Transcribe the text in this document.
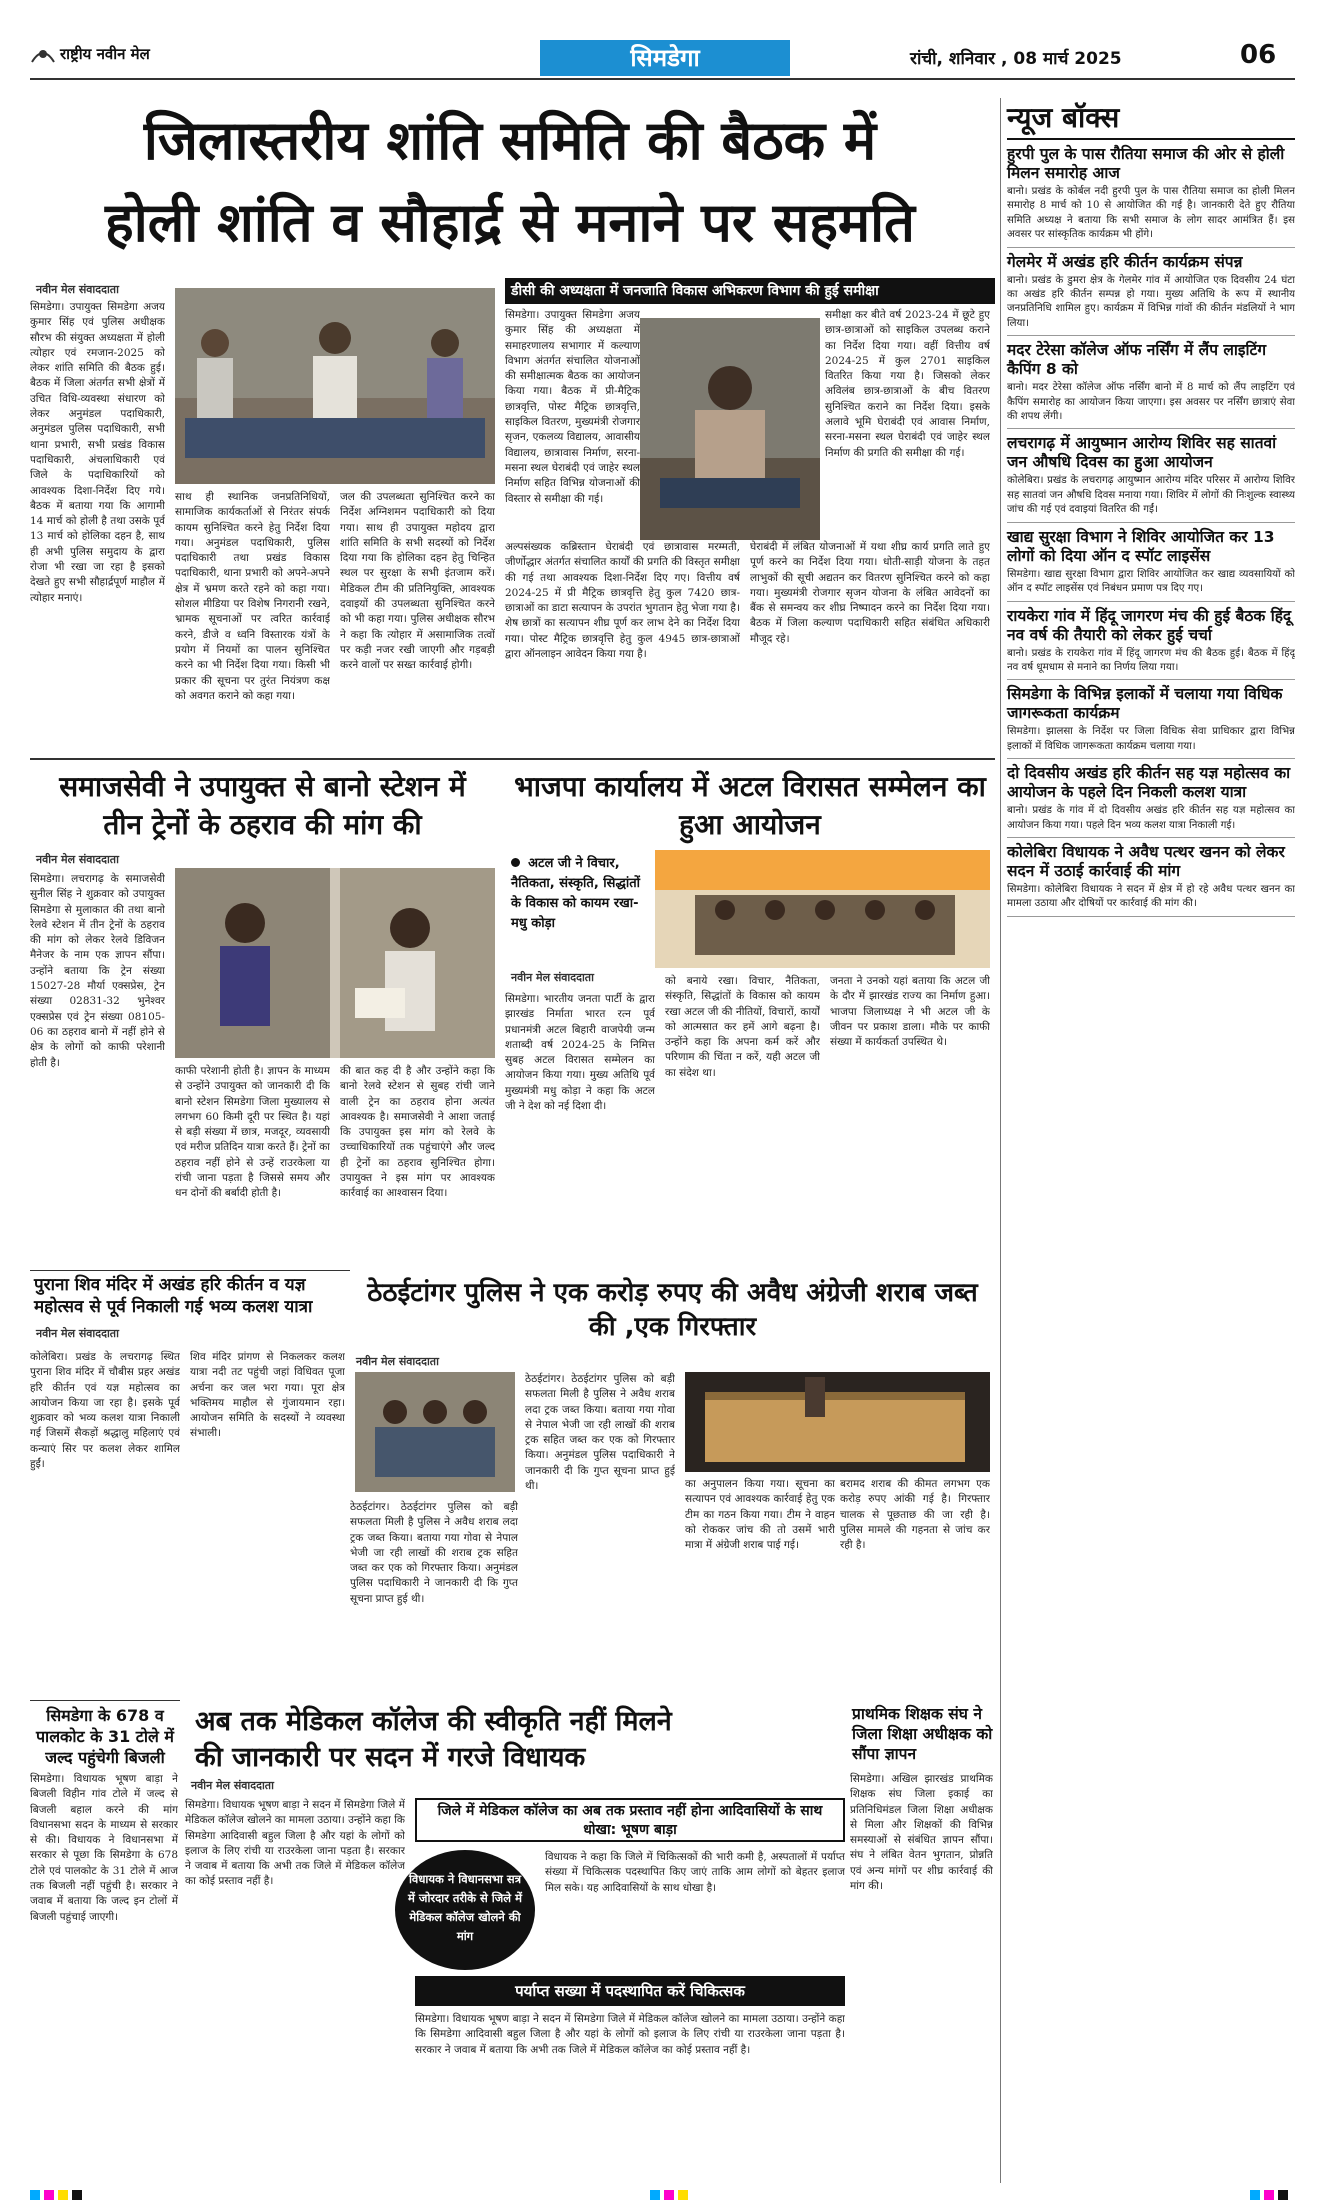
राष्ट्रीय नवीन मेल	सिमडेगा	रांची, शनिवार , 08 मार्च 2025	06
जिलास्तरीय शांति समिति की बैठक में
होली शांति व सौहार्द्र से मनाने पर सहमति
नवीन मेल संवाददाता
सिमडेगा। उपायुक्त सिमडेगा अजय कुमार सिंह एवं पुलिस अधीक्षक सौरभ की संयुक्त अध्यक्षता में होली त्योहार एवं रमजान-2025 को लेकर शांति समिति की बैठक हुई। बैठक में जिला अंतर्गत सभी क्षेत्रों में उचित विधि-व्यवस्था संधारण को लेकर अनुमंडल पदाधिकारी, अनुमंडल पुलिस पदाधिकारी, सभी थाना प्रभारी, सभी प्रखंड विकास पदाधिकारी, अंचलाधिकारी एवं जिले के पदाधिकारियों को आवश्यक दिशा-निर्देश दिए गये। बैठक में बताया गया कि आगामी 14 मार्च को होली है तथा उसके पूर्व 13 मार्च को होलिका दहन है, साथ ही अभी पुलिस समुदाय के द्वारा रोजा भी रखा जा रहा है इसको देखते हुए सभी सौहार्द्रपूर्ण माहौल में त्योहार मनाएं।
साथ ही स्थानिक जनप्रतिनिधियों, सामाजिक कार्यकर्ताओं से निरंतर संपर्क कायम सुनिश्चित करने हेतु निर्देश दिया गया। अनुमंडल पदाधिकारी, पुलिस पदाधिकारी तथा प्रखंड विकास पदाधिकारी, थाना प्रभारी को अपने-अपने क्षेत्र में भ्रमण करते रहने को कहा गया। सोशल मीडिया पर विशेष निगरानी रखने, भ्रामक सूचनाओं पर त्वरित कार्रवाई करने, डीजे व ध्वनि विस्तारक यंत्रों के प्रयोग में नियमों का पालन सुनिश्चित करने का भी निर्देश दिया गया। किसी भी प्रकार की सूचना पर तुरंत नियंत्रण कक्ष को अवगत कराने को कहा गया।
जल की उपलब्धता सुनिश्चित करने का निर्देश अग्निशमन पदाधिकारी को दिया गया। साथ ही उपायुक्त महोदय द्वारा शांति समिति के सभी सदस्यों को निर्देश दिया गया कि होलिका दहन हेतु चिन्हित स्थल पर सुरक्षा के सभी इंतजाम करें। मेडिकल टीम की प्रतिनियुक्ति, आवश्यक दवाइयों की उपलब्धता सुनिश्चित करने को भी कहा गया। पुलिस अधीक्षक सौरभ ने कहा कि त्योहार में असामाजिक तत्वों पर कड़ी नजर रखी जाएगी और गड़बड़ी करने वालों पर सख्त कार्रवाई होगी।
डीसी की अध्यक्षता में जनजाति विकास अभिकरण विभाग की हुई समीक्षा
सिमडेगा। उपायुक्त सिमडेगा अजय कुमार सिंह की अध्यक्षता में समाहरणालय सभागार में कल्याण विभाग अंतर्गत संचालित योजनाओं की समीक्षात्मक बैठक का आयोजन किया गया। बैठक में प्री-मैट्रिक छात्रवृत्ति, पोस्ट मैट्रिक छात्रवृत्ति, साइकिल वितरण, मुख्यमंत्री रोजगार सृजन, एकलव्य विद्यालय, आवासीय विद्यालय, छात्रावास निर्माण, सरना-मसना स्थल घेराबंदी एवं जाहेर स्थल निर्माण सहित विभिन्न योजनाओं की विस्तार से समीक्षा की गई।
समीक्षा कर बीते वर्ष 2023-24 में छूटे हुए छात्र-छात्राओं को साइकिल उपलब्ध कराने का निर्देश दिया गया। वहीं वित्तीय वर्ष 2024-25 में कुल 2701 साइकिल वितरित किया गया है। जिसको लेकर अविलंब छात्र-छात्राओं के बीच वितरण सुनिश्चित कराने का निर्देश दिया। इसके अलावे भूमि घेराबंदी एवं आवास निर्माण, सरना-मसना स्थल घेराबंदी एवं जाहेर स्थल निर्माण की प्रगति की समीक्षा की गई।
अल्पसंख्यक कब्रिस्तान घेराबंदी एवं छात्रावास मरम्मती, जीर्णोद्धार अंतर्गत संचालित कार्यों की प्रगति की विस्तृत समीक्षा की गई तथा आवश्यक दिशा-निर्देश दिए गए। वित्तीय वर्ष 2024-25 में प्री मैट्रिक छात्रवृत्ति हेतु कुल 7420 छात्र-छात्राओं का डाटा सत्यापन के उपरांत भुगतान हेतु भेजा गया है। शेष छात्रों का सत्यापन शीघ्र पूर्ण कर लाभ देने का निर्देश दिया गया। पोस्ट मैट्रिक छात्रवृत्ति हेतु कुल 4945 छात्र-छात्राओं द्वारा ऑनलाइन आवेदन किया गया है।
घेराबंदी में लंबित योजनाओं में यथा शीघ्र कार्य प्रगति लाते हुए पूर्ण करने का निर्देश दिया गया। धोती-साड़ी योजना के तहत लाभुकों की सूची अद्यतन कर वितरण सुनिश्चित करने को कहा गया। मुख्यमंत्री रोजगार सृजन योजना के लंबित आवेदनों का बैंक से समन्वय कर शीघ्र निष्पादन करने का निर्देश दिया गया। बैठक में जिला कल्याण पदाधिकारी सहित संबंधित अधिकारी मौजूद रहे।
समाजसेवी ने उपायुक्त से बानो स्टेशन में तीन ट्रेनों के ठहराव की मांग की
नवीन मेल संवाददाता
सिमडेगा। लचरागढ़ के समाजसेवी सुनील सिंह ने शुक्रवार को उपायुक्त सिमडेगा से मुलाकात की तथा बानो रेलवे स्टेशन में तीन ट्रेनों के ठहराव की मांग को लेकर रेलवे डिविजन मैनेजर के नाम एक ज्ञापन सौंपा। उन्होंने बताया कि ट्रेन संख्या 15027-28 मौर्या एक्सप्रेस, ट्रेन संख्या 02831-32 भुनेश्वर एक्सप्रेस एवं ट्रेन संख्या 08105-06 का ठहराव बानो में नहीं होने से क्षेत्र के लोगों को काफी परेशानी होती है।
काफी परेशानी होती है। ज्ञापन के माध्यम से उन्होंने उपायुक्त को जानकारी दी कि बानो स्टेशन सिमडेगा जिला मुख्यालय से लगभग 60 किमी दूरी पर स्थित है। यहां से बड़ी संख्या में छात्र, मजदूर, व्यवसायी एवं मरीज प्रतिदिन यात्रा करते हैं। ट्रेनों का ठहराव नहीं होने से उन्हें राउरकेला या रांची जाना पड़ता है जिससे समय और धन दोनों की बर्बादी होती है।
की बात कह दी है और उन्होंने कहा कि बानो रेलवे स्टेशन से सुबह रांची जाने वाली ट्रेन का ठहराव होना अत्यंत आवश्यक है। समाजसेवी ने आशा जताई कि उपायुक्त इस मांग को रेलवे के उच्चाधिकारियों तक पहुंचाएंगे और जल्द ही ट्रेनों का ठहराव सुनिश्चित होगा। उपायुक्त ने इस मांग पर आवश्यक कार्रवाई का आश्वासन दिया।
भाजपा कार्यालय में अटल विरासत सम्मेलन का हुआ आयोजन
अटल जी ने विचार, नैतिकता, संस्कृति, सिद्धांतों के विकास को कायम रखा-मधु कोड़ा
नवीन मेल संवाददाता
सिमडेगा। भारतीय जनता पार्टी के द्वारा झारखंड निर्माता भारत रत्न पूर्व प्रधानमंत्री अटल बिहारी वाजपेयी जन्म शताब्दी वर्ष 2024-25 के निमित्त सुबह अटल विरासत सम्मेलन का आयोजन किया गया। मुख्य अतिथि पूर्व मुख्यमंत्री मधु कोड़ा ने कहा कि अटल जी ने देश को नई दिशा दी।
को बनाये रखा। विचार, नैतिकता, संस्कृति, सिद्धांतों के विकास को कायम रखा अटल जी की नीतियों, विचारों, कार्यों को आत्मसात कर हमें आगे बढ़ना है। उन्होंने कहा कि अपना कर्म करें और परिणाम की चिंता न करें, यही अटल जी का संदेश था।
जनता ने उनको यहां बताया कि अटल जी के दौर में झारखंड राज्य का निर्माण हुआ। भाजपा जिलाध्यक्ष ने भी अटल जी के जीवन पर प्रकाश डाला। मौके पर काफी संख्या में कार्यकर्ता उपस्थित थे।
पुराना शिव मंदिर में अखंड हरि कीर्तन व यज्ञ महोत्सव से पूर्व निकाली गई भव्य कलश यात्रा
नवीन मेल संवाददाता
कोलेबिरा। प्रखंड के लचरागढ़ स्थित पुराना शिव मंदिर में चौबीस प्रहर अखंड हरि कीर्तन एवं यज्ञ महोत्सव का आयोजन किया जा रहा है। इसके पूर्व शुक्रवार को भव्य कलश यात्रा निकाली गई जिसमें सैकड़ों श्रद्धालु महिलाएं एवं कन्याएं सिर पर कलश लेकर शामिल हुईं।
शिव मंदिर प्रांगण से निकलकर कलश यात्रा नदी तट पहुंची जहां विधिवत पूजा अर्चना कर जल भरा गया। पूरा क्षेत्र भक्तिमय माहौल से गुंजायमान रहा। आयोजन समिति के सदस्यों ने व्यवस्था संभाली।
ठेठईटांगर पुलिस ने एक करोड़ रुपए की अवैध अंग्रेजी शराब जब्त की ,एक गिरफ्तार
नवीन मेल संवाददाता
ठेठईटांगर। ठेठईटांगर पुलिस को बड़ी सफलता मिली है पुलिस ने अवैध शराब लदा ट्रक जब्त किया। बताया गया गोवा से नेपाल भेजी जा रही लाखों की शराब ट्रक सहित जब्त कर एक को गिरफ्तार किया। अनुमंडल पुलिस पदाधिकारी ने जानकारी दी कि गुप्त सूचना प्राप्त हुई थी।	का अनुपालन किया गया। सूचना का सत्यापन एवं आवश्यक कार्रवाई हेतु एक टीम का गठन किया गया। टीम ने वाहन को रोककर जांच की तो उसमें भारी मात्रा में अंग्रेजी शराब पाई गई।
बरामद शराब की कीमत लगभग एक करोड़ रुपए आंकी गई है। गिरफ्तार चालक से पूछताछ की जा रही है। पुलिस मामले की गहनता से जांच कर रही है।
ठेठईटांगर। ठेठईटांगर पुलिस को बड़ी सफलता मिली है पुलिस ने अवैध शराब लदा ट्रक जब्त किया। बताया गया गोवा से नेपाल भेजी जा रही लाखों की शराब ट्रक सहित जब्त कर एक को गिरफ्तार किया। अनुमंडल पुलिस पदाधिकारी ने जानकारी दी कि गुप्त सूचना प्राप्त हुई थी।
सिमडेगा के 678 व पालकोट के 31 टोले में जल्द पहुंचेगी बिजली
सिमडेगा। विधायक भूषण बाड़ा ने बिजली विहीन गांव टोले में जल्द से बिजली बहाल करने की मांग विधानसभा सदन के माध्यम से सरकार से की। विधायक ने विधानसभा में सरकार से पूछा कि सिमडेगा के 678 टोले एवं पालकोट के 31 टोले में आज तक बिजली नहीं पहुंची है। सरकार ने जवाब में बताया कि जल्द इन टोलों में बिजली पहुंचाई जाएगी।
अब तक मेडिकल कॉलेज की स्वीकृति नहीं मिलने की जानकारी पर सदन में गरजे विधायक
नवीन मेल संवाददाता
सिमडेगा। विधायक भूषण बाड़ा ने सदन में सिमडेगा जिले में मेडिकल कॉलेज खोलने का मामला उठाया। उन्होंने कहा कि सिमडेगा आदिवासी बहुल जिला है और यहां के लोगों को इलाज के लिए रांची या राउरकेला जाना पड़ता है। सरकार ने जवाब में बताया कि अभी तक जिले में मेडिकल कॉलेज का कोई प्रस्ताव नहीं है।
जिले में मेडिकल कॉलेज का अब तक प्रस्ताव नहीं होना आदिवासियों के साथ धोखा: भूषण बाड़ा
विधायक ने विधानसभा सत्र में जोरदार तरीके से जिले में मेडिकल कॉलेज खोलने की मांग
विधायक ने कहा कि जिले में चिकित्सकों की भारी कमी है, अस्पतालों में पर्याप्त संख्या में चिकित्सक पदस्थापित किए जाएं ताकि आम लोगों को बेहतर इलाज मिल सके। यह आदिवासियों के साथ धोखा है।
पर्याप्त सख्या में पदस्थापित करें चिकित्सक
सिमडेगा। विधायक भूषण बाड़ा ने सदन में सिमडेगा जिले में मेडिकल कॉलेज खोलने का मामला उठाया। उन्होंने कहा कि सिमडेगा आदिवासी बहुल जिला है और यहां के लोगों को इलाज के लिए रांची या राउरकेला जाना पड़ता है। सरकार ने जवाब में बताया कि अभी तक जिले में मेडिकल कॉलेज का कोई प्रस्ताव नहीं है।
प्राथमिक शिक्षक संघ ने जिला शिक्षा अधीक्षक को सौंपा ज्ञापन
सिमडेगा। अखिल झारखंड प्राथमिक शिक्षक संघ जिला इकाई का प्रतिनिधिमंडल जिला शिक्षा अधीक्षक से मिला और शिक्षकों की विभिन्न समस्याओं से संबंधित ज्ञापन सौंपा। संघ ने लंबित वेतन भुगतान, प्रोन्नति एवं अन्य मांगों पर शीघ्र कार्रवाई की मांग की।
न्यूज बॉक्स
हुरपी पुल के पास रौतिया समाज की ओर से होली मिलन समारोह आज
बानो। प्रखंड के कोर्बल नदी हुरपी पुल के पास रौतिया समाज का होली मिलन समारोह 8 मार्च को 10 से आयोजित की गई है। जानकारी देते हुए रौतिया समिति अध्यक्ष ने बताया कि सभी समाज के लोग सादर आमंत्रित हैं। इस अवसर पर सांस्कृतिक कार्यक्रम भी होंगे।
गेलमेर में अखंड हरि कीर्तन कार्यक्रम संपन्न
बानो। प्रखंड के डुमरा क्षेत्र के गेलमेर गांव में आयोजित एक दिवसीय 24 घंटा का अखंड हरि कीर्तन सम्पन्न हो गया। मुख्य अतिथि के रूप में स्थानीय जनप्रतिनिधि शामिल हुए। कार्यक्रम में विभिन्न गांवों की कीर्तन मंडलियों ने भाग लिया।
मदर टेरेसा कॉलेज ऑफ नर्सिंग में लैंप लाइटिंग कैपिंग 8 को
बानो। मदर टेरेसा कॉलेज ऑफ नर्सिंग बानो में 8 मार्च को लैंप लाइटिंग एवं कैपिंग समारोह का आयोजन किया जाएगा। इस अवसर पर नर्सिंग छात्राएं सेवा की शपथ लेंगी।
लचरागढ़ में आयुष्मान आरोग्य शिविर सह सातवां जन औषधि दिवस का हुआ आयोजन
कोलेबिरा। प्रखंड के लचरागढ़ आयुष्मान आरोग्य मंदिर परिसर में आरोग्य शिविर सह सातवां जन औषधि दिवस मनाया गया। शिविर में लोगों की निःशुल्क स्वास्थ्य जांच की गई एवं दवाइयां वितरित की गईं।
खाद्य सुरक्षा विभाग ने शिविर आयोजित कर 13 लोगों को दिया ऑन द स्पॉट लाइसेंस
सिमडेगा। खाद्य सुरक्षा विभाग द्वारा शिविर आयोजित कर खाद्य व्यवसायियों को ऑन द स्पॉट लाइसेंस एवं निबंधन प्रमाण पत्र दिए गए।
रायकेरा गांव में हिंदू जागरण मंच की हुई बैठक हिंदू नव वर्ष की तैयारी को लेकर हुई चर्चा
बानो। प्रखंड के रायकेरा गांव में हिंदू जागरण मंच की बैठक हुई। बैठक में हिंदू नव वर्ष धूमधाम से मनाने का निर्णय लिया गया।
सिमडेगा के विभिन्न इलाकों में चलाया गया विधिक जागरूकता कार्यक्रम
सिमडेगा। झालसा के निर्देश पर जिला विधिक सेवा प्राधिकार द्वारा विभिन्न इलाकों में विधिक जागरूकता कार्यक्रम चलाया गया।
दो दिवसीय अखंड हरि कीर्तन सह यज्ञ महोत्सव का आयोजन के पहले दिन निकली कलश यात्रा
बानो। प्रखंड के गांव में दो दिवसीय अखंड हरि कीर्तन सह यज्ञ महोत्सव का आयोजन किया गया। पहले दिन भव्य कलश यात्रा निकाली गई।
कोलेबिरा विधायक ने अवैध पत्थर खनन को लेकर सदन में उठाई कार्रवाई की मांग
सिमडेगा। कोलेबिरा विधायक ने सदन में क्षेत्र में हो रहे अवैध पत्थर खनन का मामला उठाया और दोषियों पर कार्रवाई की मांग की।
